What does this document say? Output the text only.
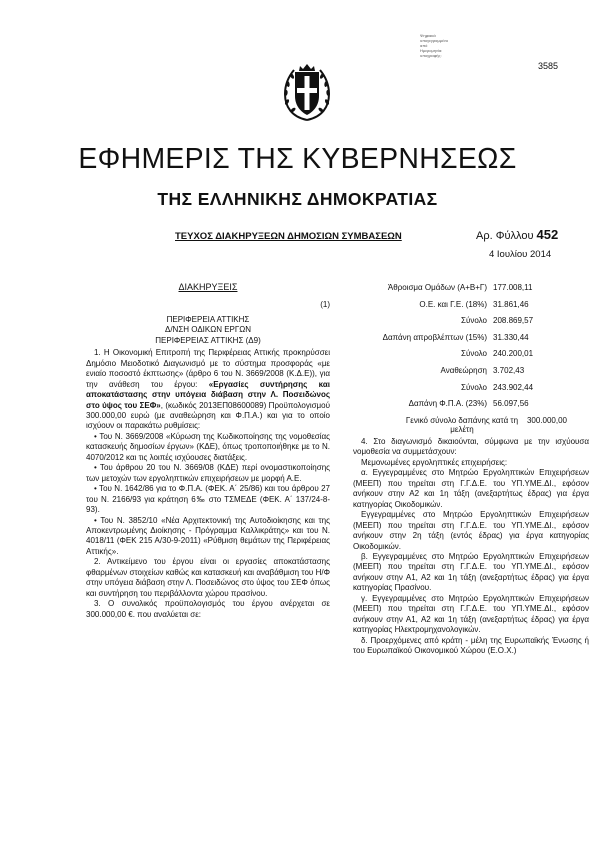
Ψηφιακά
υπογεγραμμένο
από
Ημερομηνία:
υπογραφής:
3585
ΕΦΗΜΕΡΙΣ ΤΗΣ ΚΥΒΕΡΝΗΣΕΩΣ
ΤΗΣ ΕΛΛΗΝΙΚΗΣ ΔΗΜΟΚΡΑΤΙΑΣ
ΤΕΥΧΟΣ ΔΙΑΚΗΡΥΞΕΩΝ ΔΗΜΟΣΙΩΝ ΣΥΜΒΑΣΕΩΝ	Αρ. Φύλλου 452
4 Ιουλίου 2014

ΔΙΑΚΗΡΥΞΕΙΣ

(1)

ΠΕΡΙΦΕΡΕΙΑ ΑΤΤΙΚΗΣ

Δ/ΝΣΗ ΟΔΙΚΩΝ ΕΡΓΩΝ

ΠΕΡΙΦΕΡΕΙΑΣ ΑΤΤΙΚΗΣ (Δ9)

1. Η Οικονομική Επιτροπή της Περιφέρειας Αττικής προκηρύσσει Δημόσιο Μειοδοτικό Διαγωνισμό με το σύστημα προσφοράς «με ενιαίο ποσοστό έκπτωσης» (άρθρο 6 του Ν. 3669/2008 (Κ.Δ.Ε)), για την ανάθεση του έργου: «Εργασίες συντήρησης και αποκατάστασης στην υπόγεια διάβαση στην Λ. Ποσειδώνος στο ύψος του ΣΕΦ», (κωδικός 2013ΕΠ08600089) Προϋπολογισμού 300.000,00 ευρώ (με αναθεώρηση και Φ.Π.Α.) και για το οποίο ισχύουν οι παρακάτω ρυθμίσεις:

• Του Ν. 3669/2008 «Κύρωση της Κωδικοποίησης της νομοθεσίας κατασκευής δημοσίων έργων» (ΚΔΕ), όπως τροποποιήθηκε με το Ν. 4070/2012 και τις λοιπές ισχύουσες διατάξεις.

• Του άρθρου 20 του Ν. 3669/08 (ΚΔΕ) περί ονομαστικοποίησης των μετοχών των εργοληπτικών επιχειρήσεων με μορφή Α.Ε.

• Του Ν. 1642/86 για το Φ.Π.Α. (ΦΕΚ. Α΄ 25/86) και του άρθρου 27 του Ν. 2166/93 για κράτηση 6‰ στο ΤΣΜΕΔΕ (ΦΕΚ. Α΄ 137/24-8-93).

• Του Ν. 3852/10 «Νέα Αρχιτεκτονική της Αυτοδιοίκησης και της Αποκεντρωμένης Διοίκησης - Πρόγραμμα Καλλικράτης» και του Ν. 4018/11 (ΦΕΚ 215 Α/30-9-2011) «Ρύθμιση θεμάτων της Περιφέρειας Αττικής».

2. Αντικείμενο του έργου είναι οι εργασίες αποκατάστασης φθαρμένων στοιχείων καθώς και κατασκευή και αναβάθμιση του Η/Φ στην υπόγεια διάβαση στην Λ. Ποσειδώνος στο ύψος του ΣΕΦ όπως και συντήρηση του περιβάλλοντα χώρου πρασίνου.

3. Ο συνολικός προϋπολογισμός του έργου ανέρχεται σε 300.000,00 €. που αναλύεται σε:

Άθροισμα Ομάδων (Α+Β+Γ) 177.008,11
Ο.Ε. και Γ.Ε. (18%) 31.861,46
Σύνολο 208.869,57
Δαπάνη απροβλέπτων (15%) 31.330,44
Σύνολο 240.200,01
Αναθεώρηση 3.702,43
Σύνολο 243.902,44
Δαπάνη Φ.Π.Α. (23%) 56.097,56
Γενικό σύνολο δαπάνης κατά τη μελέτη
300.000,00

4. Στο διαγωνισμό δικαιούνται, σύμφωνα με την ισχύουσα νομοθεσία να συμμετάσχουν:

Μεμονωμένες εργοληπτικές επιχειρήσεις:

α. Εγγεγραμμένες στο Μητρώο Εργοληπτικών Επιχειρήσεων (ΜΕΕΠ) που τηρείται στη Γ.Γ.Δ.Ε. του ΥΠ.ΥΜΕ.ΔΙ., εφόσον ανήκουν στην Α2 και 1η τάξη (ανεξαρτήτως έδρας) για έργα κατηγορίας Οικοδομικών.

Εγγεγραμμένες στο Μητρώο Εργοληπτικών Επιχειρήσεων (ΜΕΕΠ) που τηρείται στη Γ.Γ.Δ.Ε. του ΥΠ.ΥΜΕ.ΔΙ., εφόσον ανήκουν στην 2η τάξη (εντός έδρας) για έργα κατηγορίας Οικοδομικών.

β. Εγγεγραμμένες στο Μητρώο Εργοληπτικών Επιχειρήσεων (ΜΕΕΠ) που τηρείται στη Γ.Γ.Δ.Ε. του ΥΠ.ΥΜΕ.ΔΙ., εφόσον ανήκουν στην Α1, Α2 και 1η τάξη (ανεξαρτήτως έδρας) για έργα κατηγορίας Πρασίνου.

γ. Εγγεγραμμένες στο Μητρώο Εργοληπτικών Επιχειρήσεων (ΜΕΕΠ) που τηρείται στη Γ.Γ.Δ.Ε. του ΥΠ.ΥΜΕ.ΔΙ., εφόσον ανήκουν στην Α1, Α2 και 1η τάξη (ανεξαρτήτως έδρας) για έργα κατηγορίας Ηλεκτρομηχανολογικών.

δ. Προερχόμενες από κράτη - μέλη της Ευρωπαϊκής Ένωσης ή του Ευρωπαϊκού Οικονομικού Χώρου (Ε.Ο.Χ.)
